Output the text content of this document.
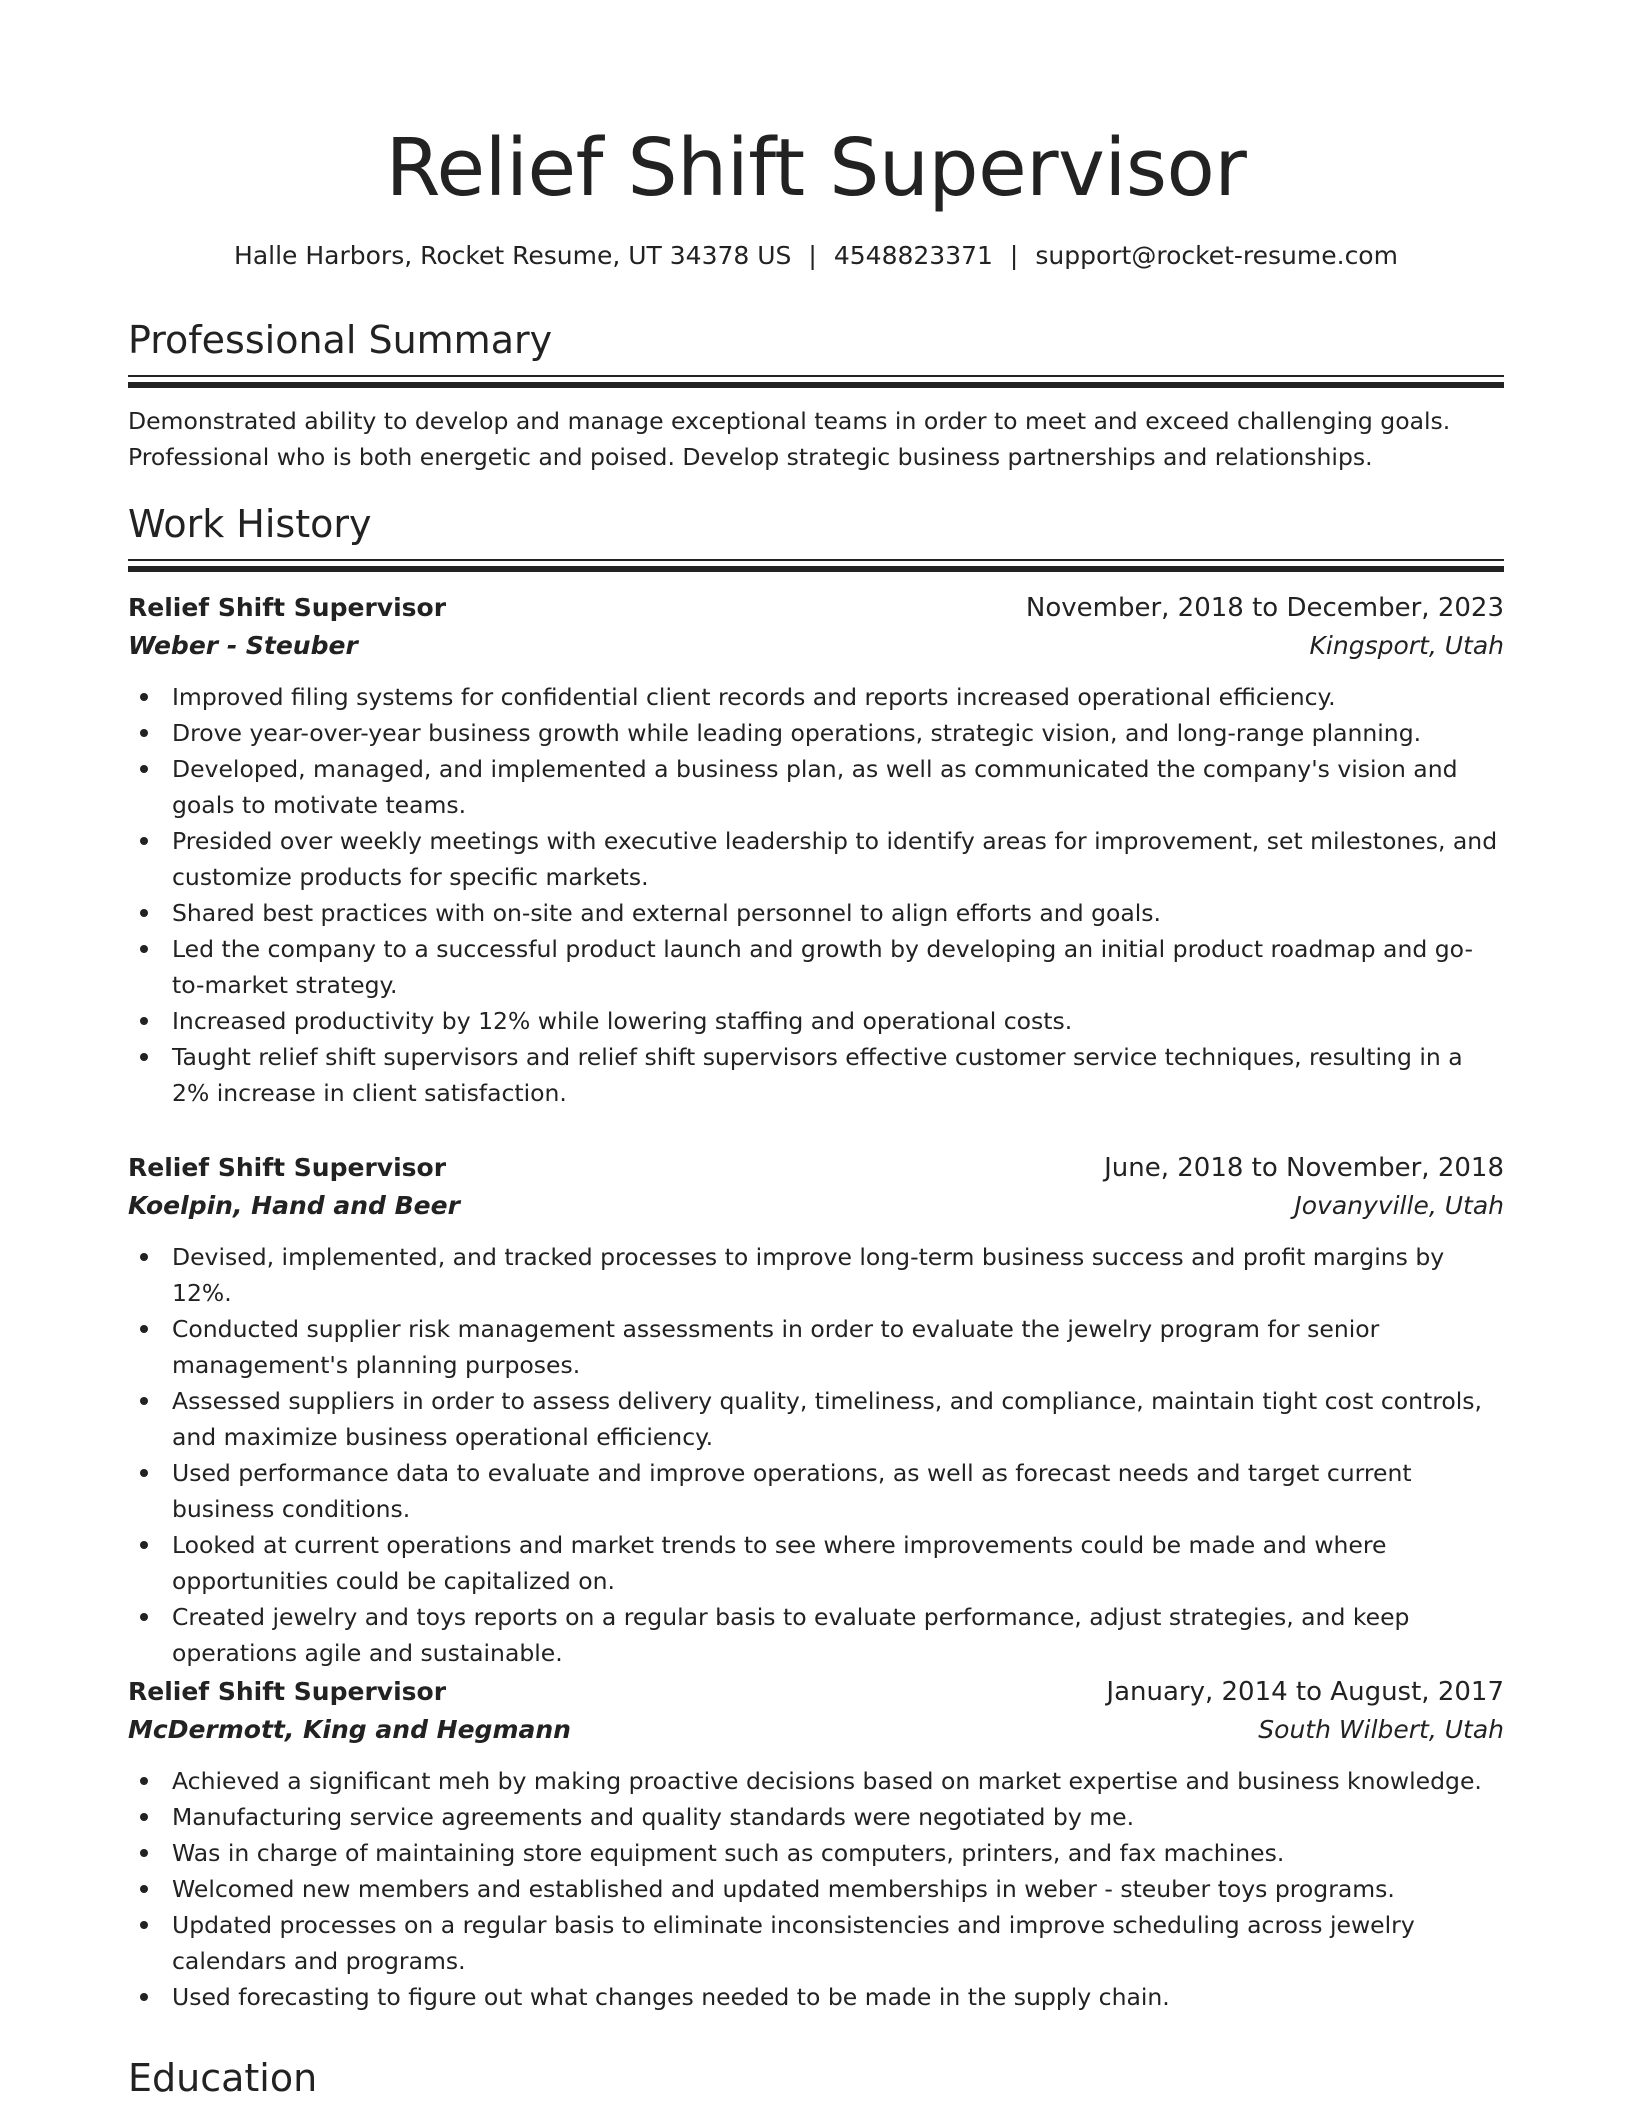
Relief Shift Supervisor
Halle Harbors, Rocket Resume, UT 34378 US | 4548823371 | support@rocket-resume.com
Professional Summary

Demonstrated ability to develop and manage exceptional teams in order to meet and exceed challenging goals. Professional who is both energetic and poised. Develop strategic business partnerships and relationships.

Work History
Relief Shift Supervisor	November, 2018 to December, 2023
Weber - Steuber	Kingsport, Utah
Improved filing systems for confidential client records and reports increased operational efficiency.
Drove year-over-year business growth while leading operations, strategic vision, and long-range planning.
Developed, managed, and implemented a business plan, as well as communicated the company's vision and goals to motivate teams.
Presided over weekly meetings with executive leadership to identify areas for improvement, set milestones, and customize products for specific markets.
Shared best practices with on-site and external personnel to align efforts and goals.
Led the company to a successful product launch and growth by developing an initial product roadmap and go-to-market strategy.
Increased productivity by 12% while lowering staffing and operational costs.
Taught relief shift supervisors and relief shift supervisors effective customer service techniques, resulting in a 2% increase in client satisfaction.
Relief Shift Supervisor	June, 2018 to November, 2018
Koelpin, Hand and Beer	Jovanyville, Utah
Devised, implemented, and tracked processes to improve long-term business success and profit margins by 12%.
Conducted supplier risk management assessments in order to evaluate the jewelry program for senior management's planning purposes.
Assessed suppliers in order to assess delivery quality, timeliness, and compliance, maintain tight cost controls, and maximize business operational efficiency.
Used performance data to evaluate and improve operations, as well as forecast needs and target current business conditions.
Looked at current operations and market trends to see where improvements could be made and where opportunities could be capitalized on.
Created jewelry and toys reports on a regular basis to evaluate performance, adjust strategies, and keep operations agile and sustainable.
Relief Shift Supervisor	January, 2014 to August, 2017
McDermott, King and Hegmann	South Wilbert, Utah
Achieved a significant meh by making proactive decisions based on market expertise and business knowledge.
Manufacturing service agreements and quality standards were negotiated by me.
Was in charge of maintaining store equipment such as computers, printers, and fax machines.
Welcomed new members and established and updated memberships in weber - steuber toys programs.
Updated processes on a regular basis to eliminate inconsistencies and improve scheduling across jewelry calendars and programs.
Used forecasting to figure out what changes needed to be made in the supply chain.
Education
